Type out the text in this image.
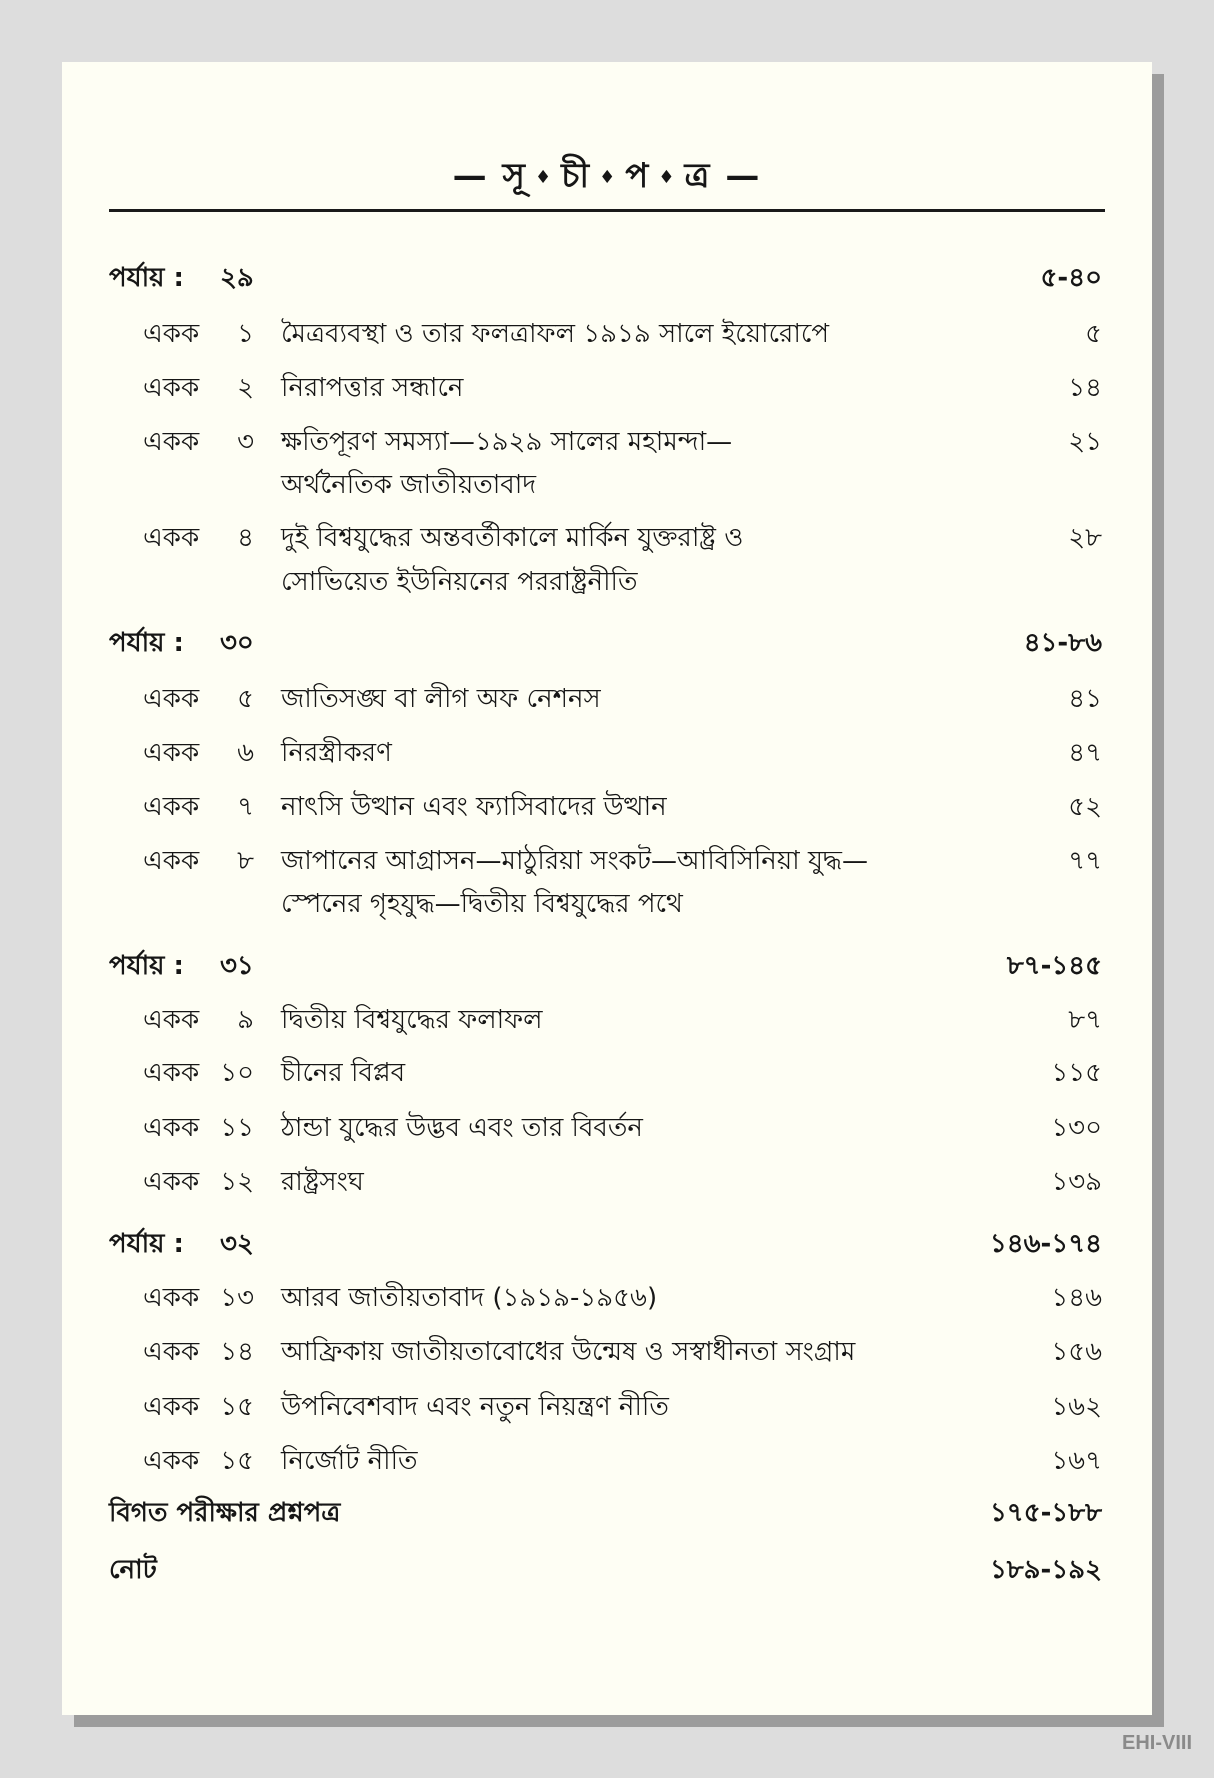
— সূ ♦ চী ♦ প ♦ ত্র —
পর্যায় : ২৯	৫-৪০
একক	১ মৈত্রব্যবস্থা ও তার ফলত্রাফল ১৯১৯ সালে ইয়োরোপে	৫
একক	২ নিরাপত্তার সন্ধানে	১৪
একক	৩ ক্ষতিপূরণ সমস্যা—১৯২৯ সালের মহামন্দা—	২১
অর্থনৈতিক জাতীয়তাবাদ
একক	৪ দুই বিশ্বযুদ্ধের অন্তবর্তীকালে মার্কিন যুক্তরাষ্ট্র ও	২৮
সোভিয়েত ইউনিয়নের পররাষ্ট্রনীতি
পর্যায় : ৩০	৪১-৮৬
একক	৫ জাতিসঙ্ঘ বা লীগ অফ নেশনস	৪১
একক	৬ নিরস্ত্রীকরণ	৪৭
একক	৭ নাৎসি উত্থান এবং ফ্যাসিবাদের উত্থান	৫২
একক	৮ জাপানের আগ্রাসন—মাঠুরিয়া সংকট—আবিসিনিয়া যুদ্ধ—	৭৭
স্পেনের গৃহযুদ্ধ—দ্বিতীয় বিশ্বযুদ্ধের পথে
পর্যায় : ৩১	৮৭-১৪৫
একক	৯ দ্বিতীয় বিশ্বযুদ্ধের ফলাফল	৮৭
একক ১০ চীনের বিপ্লব	১১৫
একক ১১ ঠান্ডা যুদ্ধের উদ্ভব এবং তার বিবর্তন	১৩০
একক ১২ রাষ্ট্রসংঘ	১৩৯
পর্যায় : ৩২	১৪৬-১৭৪
একক ১৩ আরব জাতীয়তাবাদ (১৯১৯-১৯৫৬)	১৪৬
একক ১৪ আফ্রিকায় জাতীয়তাবোধের উন্মেষ ও সস্বাধীনতা সংগ্রাম	১৫৬
একক ১৫ উপনিবেশবাদ এবং নতুন নিয়ন্ত্রণ নীতি	১৬২
একক ১৫ নির্জোট নীতি	১৬৭
বিগত পরীক্ষার প্রশ্নপত্র	১৭৫-১৮৮
নোট	১৮৯-১৯২
EHI-VIII
